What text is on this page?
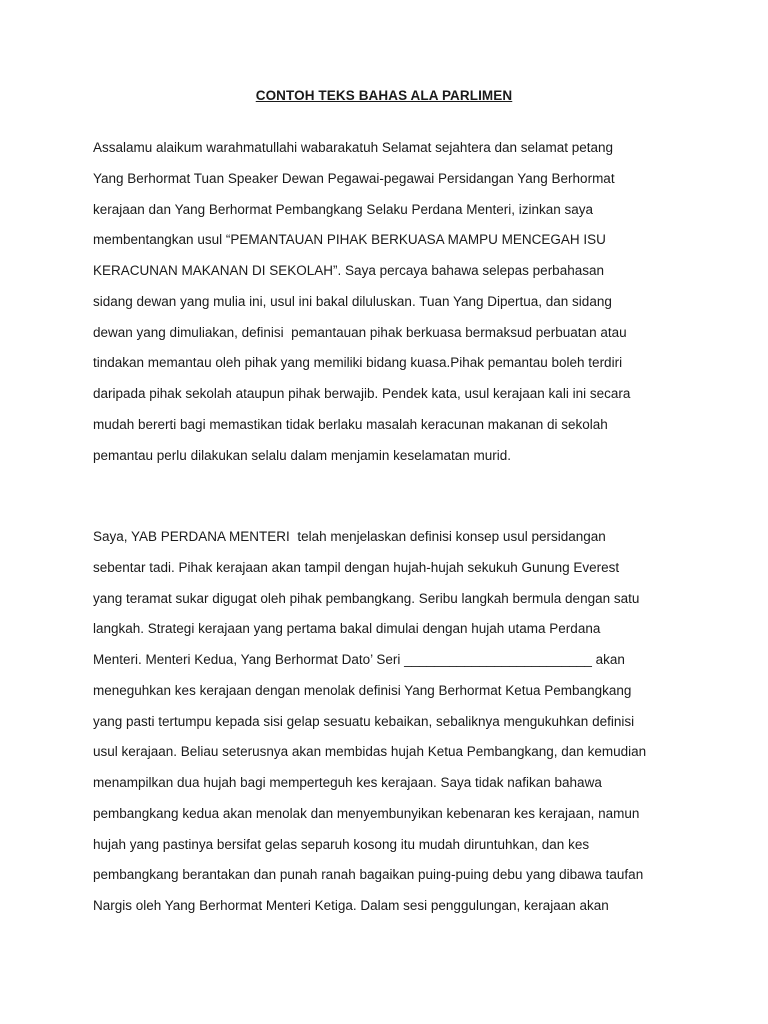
CONTOH TEKS BAHAS ALA PARLIMEN
Assalamu alaikum warahmatullahi wabarakatuh Selamat sejahtera dan selamat petang
Yang Berhormat Tuan Speaker Dewan Pegawai-pegawai Persidangan Yang Berhormat
kerajaan dan Yang Berhormat Pembangkang Selaku Perdana Menteri, izinkan saya
membentangkan usul “PEMANTAUAN PIHAK BERKUASA MAMPU MENCEGAH ISU
KERACUNAN MAKANAN DI SEKOLAH”. Saya percaya bahawa selepas perbahasan
sidang dewan yang mulia ini, usul ini bakal diluluskan. Tuan Yang Dipertua, dan sidang
dewan yang dimuliakan, definisi  pemantauan pihak berkuasa bermaksud perbuatan atau
tindakan memantau oleh pihak yang memiliki bidang kuasa.Pihak pemantau boleh terdiri
daripada pihak sekolah ataupun pihak berwajib. Pendek kata, usul kerajaan kali ini secara
mudah bererti bagi memastikan tidak berlaku masalah keracunan makanan di sekolah
pemantau perlu dilakukan selalu dalam menjamin keselamatan murid.
Saya, YAB PERDANA MENTERI  telah menjelaskan definisi konsep usul persidangan
sebentar tadi. Pihak kerajaan akan tampil dengan hujah-hujah sekukuh Gunung Everest
yang teramat sukar digugat oleh pihak pembangkang. Seribu langkah bermula dengan satu
langkah. Strategi kerajaan yang pertama bakal dimulai dengan hujah utama Perdana
Menteri. Menteri Kedua, Yang Berhormat Dato’ Seri _________________________ akan
meneguhkan kes kerajaan dengan menolak definisi Yang Berhormat Ketua Pembangkang
yang pasti tertumpu kepada sisi gelap sesuatu kebaikan, sebaliknya mengukuhkan definisi
usul kerajaan. Beliau seterusnya akan membidas hujah Ketua Pembangkang, dan kemudian
menampilkan dua hujah bagi memperteguh kes kerajaan. Saya tidak nafikan bahawa
pembangkang kedua akan menolak dan menyembunyikan kebenaran kes kerajaan, namun
hujah yang pastinya bersifat gelas separuh kosong itu mudah diruntuhkan, dan kes
pembangkang berantakan dan punah ranah bagaikan puing-puing debu yang dibawa taufan
Nargis oleh Yang Berhormat Menteri Ketiga. Dalam sesi penggulungan, kerajaan akan
